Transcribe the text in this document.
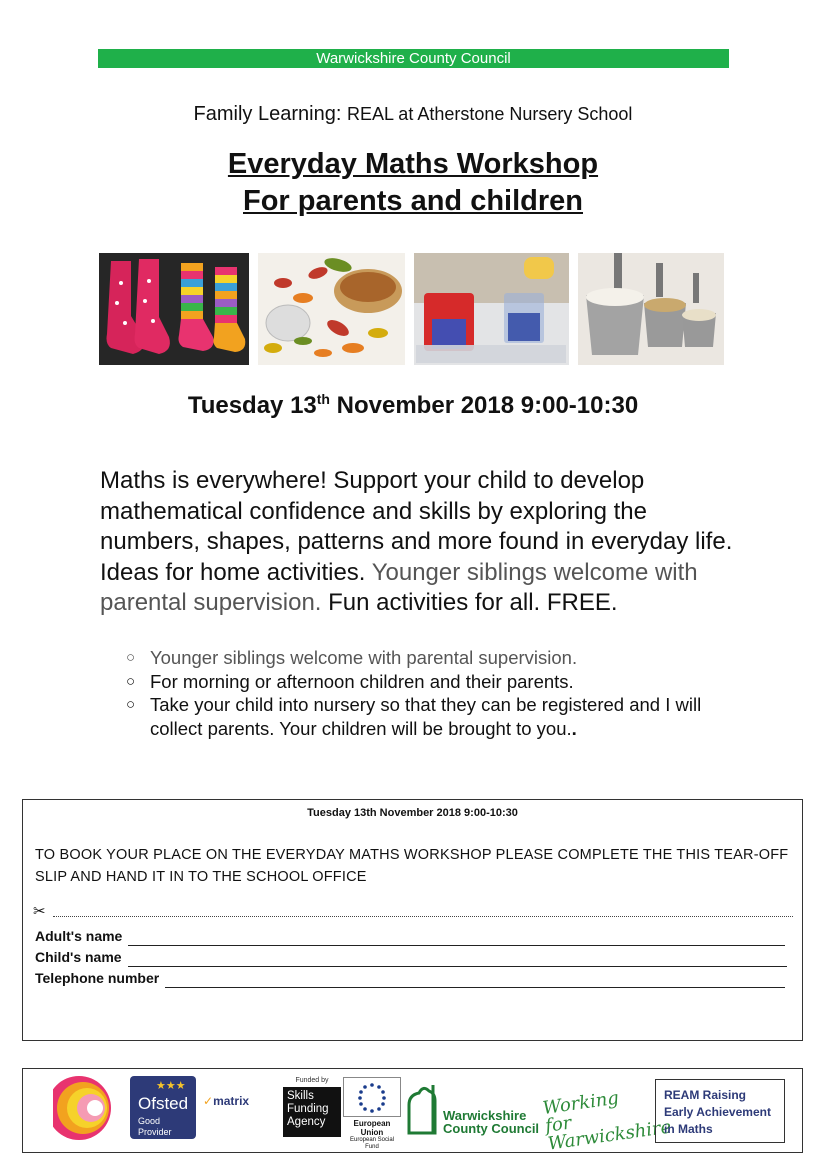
Warwickshire County Council
Family Learning: REAL at Atherstone Nursery School
Everyday Maths Workshop
For parents and children
Tuesday 13th November 2018 9:00-10:30
Maths is everywhere! Support your child to develop mathematical confidence and skills by exploring the numbers, shapes, patterns and more found in everyday life. Ideas for home activities. Younger siblings welcome with parental supervision. Fun activities for all. FREE.
○ Younger siblings welcome with parental supervision.
○ For morning or afternoon children and their parents.
○ Take your child into nursery so that they can be registered and I will collect parents. Your children will be brought to you..
Tuesday 13th November 2018 9:00-10:30
TO BOOK YOUR PLACE ON THE EVERYDAY MATHS WORKSHOP PLEASE COMPLETE THE THIS TEAR-OFF SLIP AND HAND IT IN TO THE SCHOOL OFFICE
✂
Adult's name
Child's name
Telephone number
★★★
Ofsted
Good Provider
✓matrix
Funded by
Skills Funding Agency	European Union
European Social Fund
Warwickshire County Council
Working for Warwickshire
REAM Raising Early Achievement in Maths
